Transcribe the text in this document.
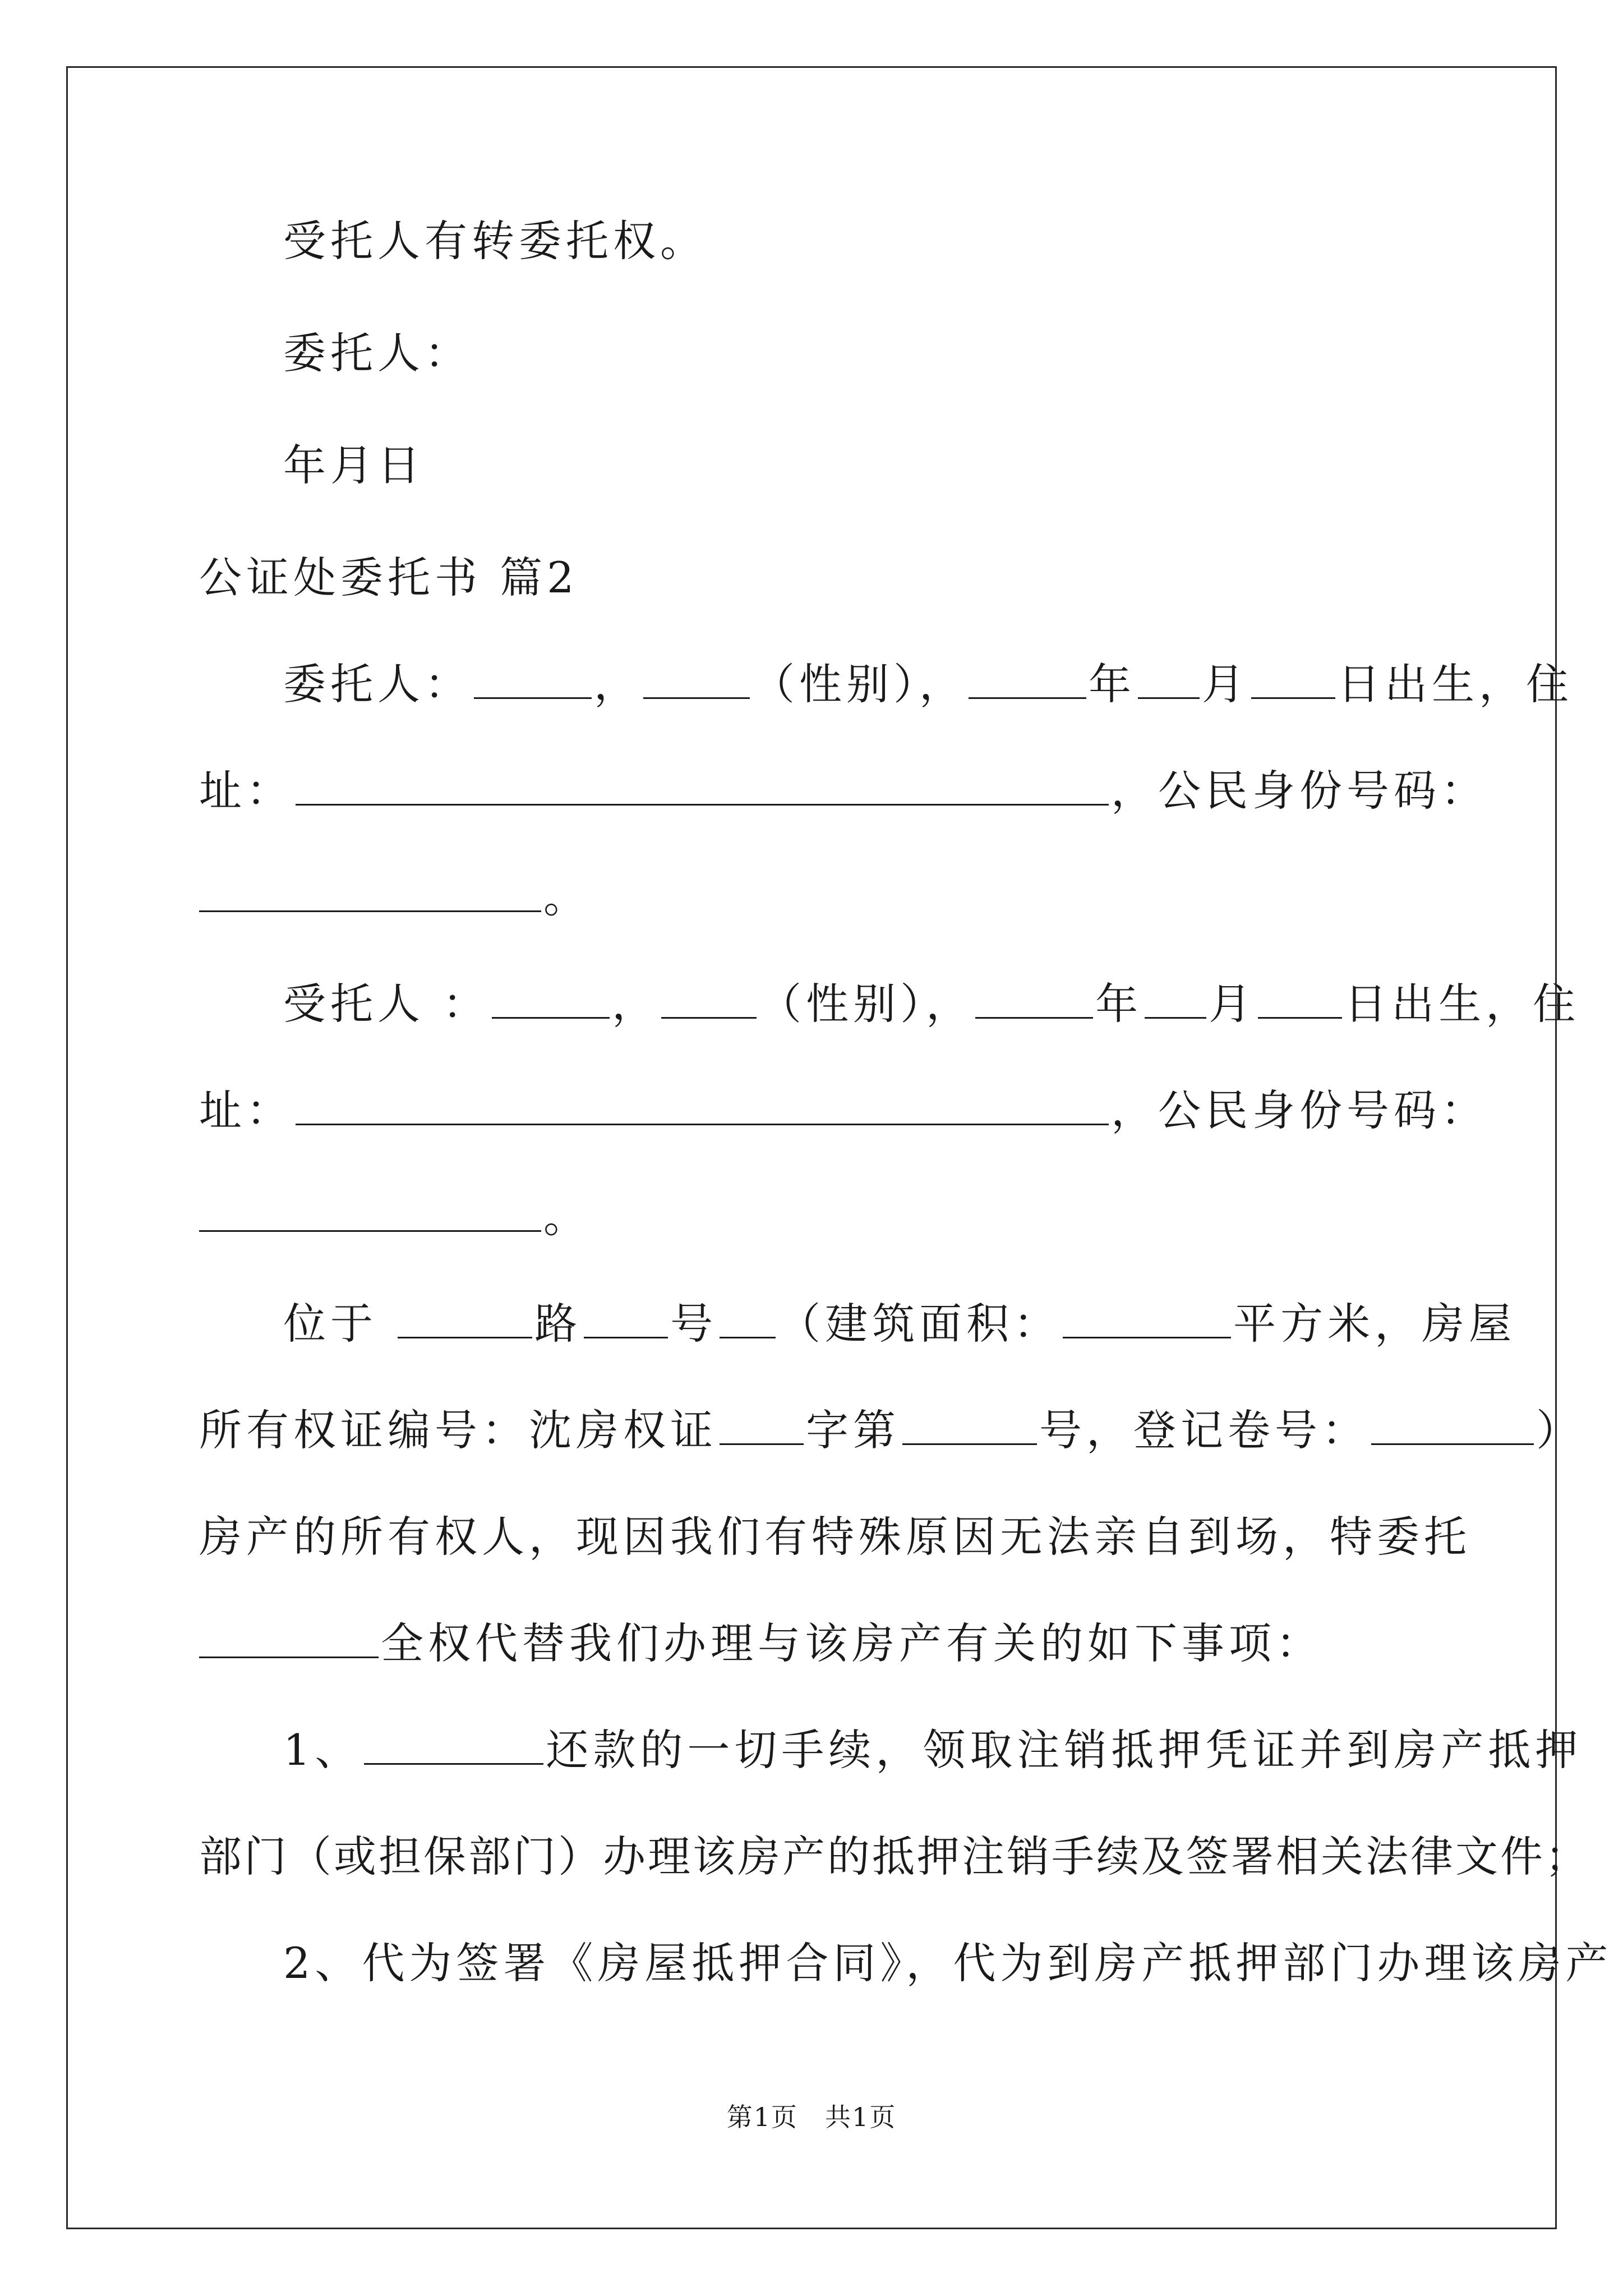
受托人有转委托权。
委托人：
年月日
公证处委托书 篇2
委托人：	，	（性别），	年 月 日出生，住
址：	，公民身份号码：
。
受托人 ：	， （性别），	年 月 日出生，住
址：	，公民身份号码：
。
位于	路 号 （建筑面积：	平方米，房屋
所有权证编号：沈房权证 字第	号，登记卷号：	）
房产的所有权人，现因我们有特殊原因无法亲自到场，特委托
全权代替我们办理与该房产有关的如下事项：
1、	还款的一切手续，领取注销抵押凭证并到房产抵押
部门（或担保部门）办理该房产的抵押注销手续及签署相关法律文件；
2、代为签署《房屋抵押合同》，代为到房产抵押部门办理该房产
第1页　共1页
